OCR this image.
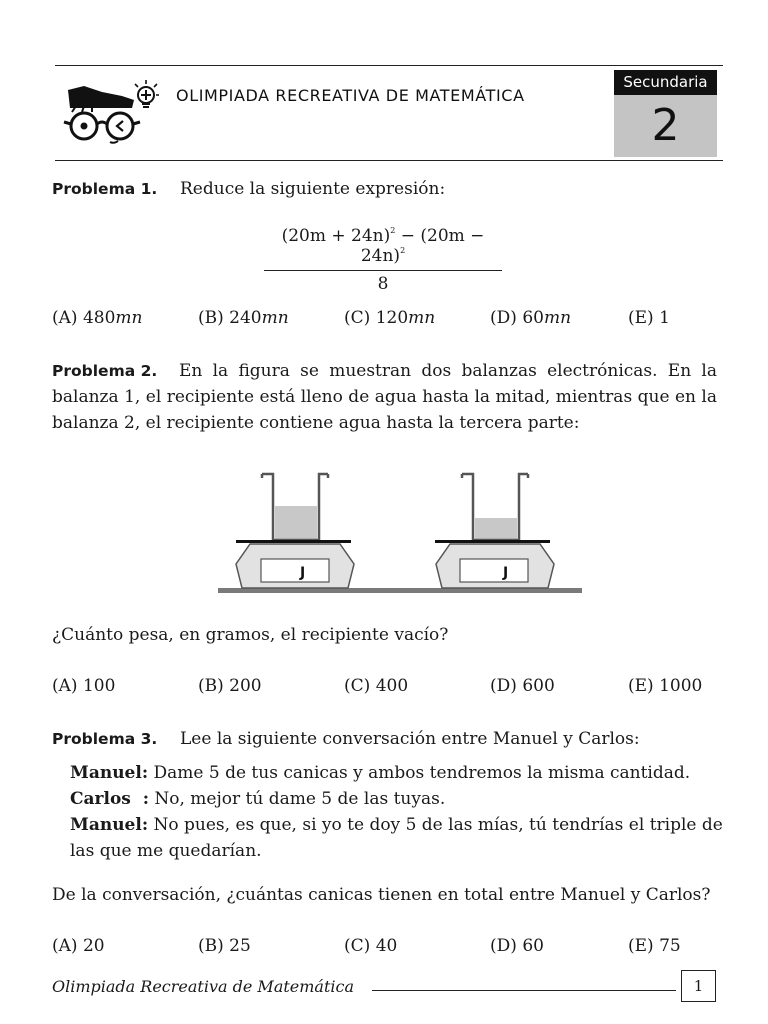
OLIMPIADA RECREATIVA DE MATEMÁTICA
Secundaria
2
Problema 1. Reduce la siguiente expresión:
$\frac{(20m + 24n)^2 - (20m - 24n)^2}{8}$
(A) 480mn	(B) 240mn	(C) 120mn	(D) 60mn	(E) 1
Problema 2. En la figura se muestran dos balanzas electrónicas. En la balanza 1, el recipiente está lleno de agua hasta la mitad, mientras que en la balanza 2, el recipiente contiene agua hasta la tercera parte:
J	J
¿Cuánto pesa, en gramos, el recipiente vacío?
(A) 100	(B) 200	(C) 400	(D) 600	(E) 1000
Problema 3. Lee la siguiente conversación entre Manuel y Carlos:
Manuel: Dame 5 de tus canicas y ambos tendremos la misma cantidad.
Carlos  : No, mejor tú dame 5 de las tuyas.
Manuel: No pues, es que, si yo te doy 5 de las mías, tú tendrías el triple de las que me quedarían.
De la conversación, ¿cuántas canicas tienen en total entre Manuel y Carlos?
(A) 20	(B) 25	(C) 40	(D) 60	(E) 75
Olimpiada Recreativa de Matemática	1
